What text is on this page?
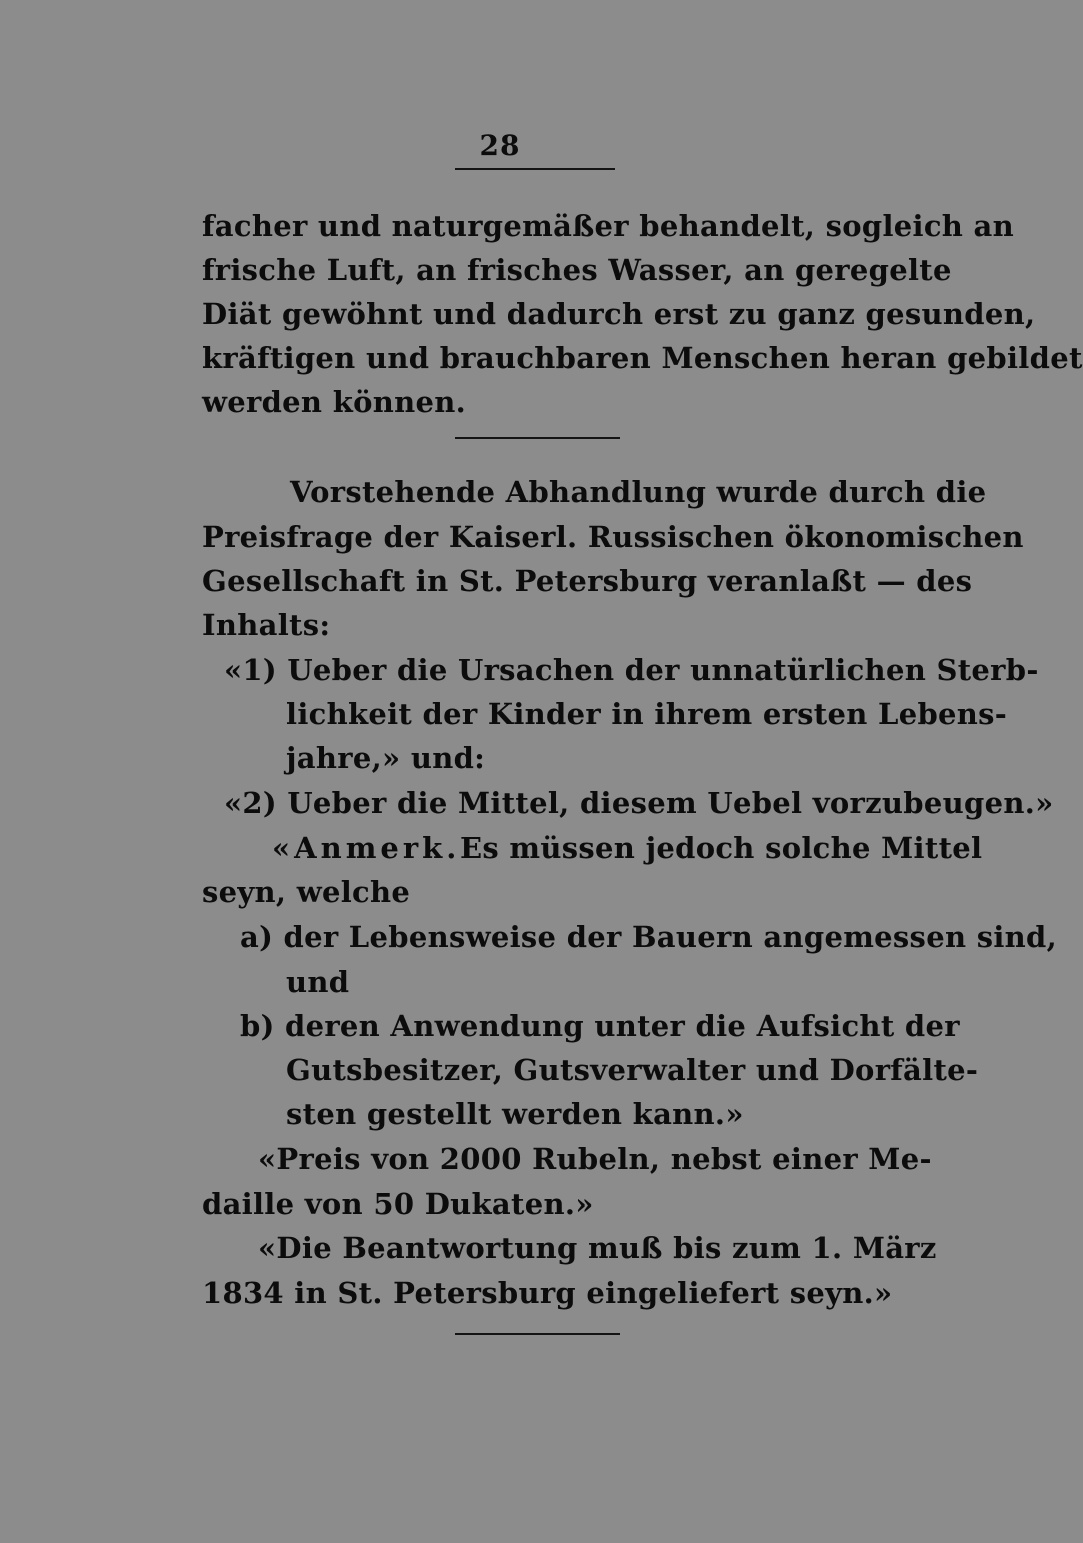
28
facher und naturgemäßer behandelt, sogleich an
frische Luft, an frisches Wasser, an geregelte
Diät gewöhnt und dadurch erst zu ganz gesunden,
kräftigen und brauchbaren Menschen heran gebildet
werden können.
Vorstehende Abhandlung wurde durch die
Preisfrage der Kaiserl. Russischen ökonomischen
Gesellschaft in St. Petersburg veranlaßt — des
Inhalts:
«1) Ueber die Ursachen der unnatürlichen Sterb-
lichkeit der Kinder in ihrem ersten Lebens-
jahre,» und:
«2) Ueber die Mittel, diesem Uebel vorzubeugen.»
«Anmerk. Es müssen jedoch solche Mittel
seyn, welche
a) der Lebensweise der Bauern angemessen sind,
und
b) deren Anwendung unter die Aufsicht der
Gutsbesitzer, Gutsverwalter und Dorfälte-
sten gestellt werden kann.»
«Preis von 2000 Rubeln, nebst einer Me-
daille von 50 Dukaten.»
«Die Beantwortung muß bis zum 1. März
1834 in St. Petersburg eingeliefert seyn.»
